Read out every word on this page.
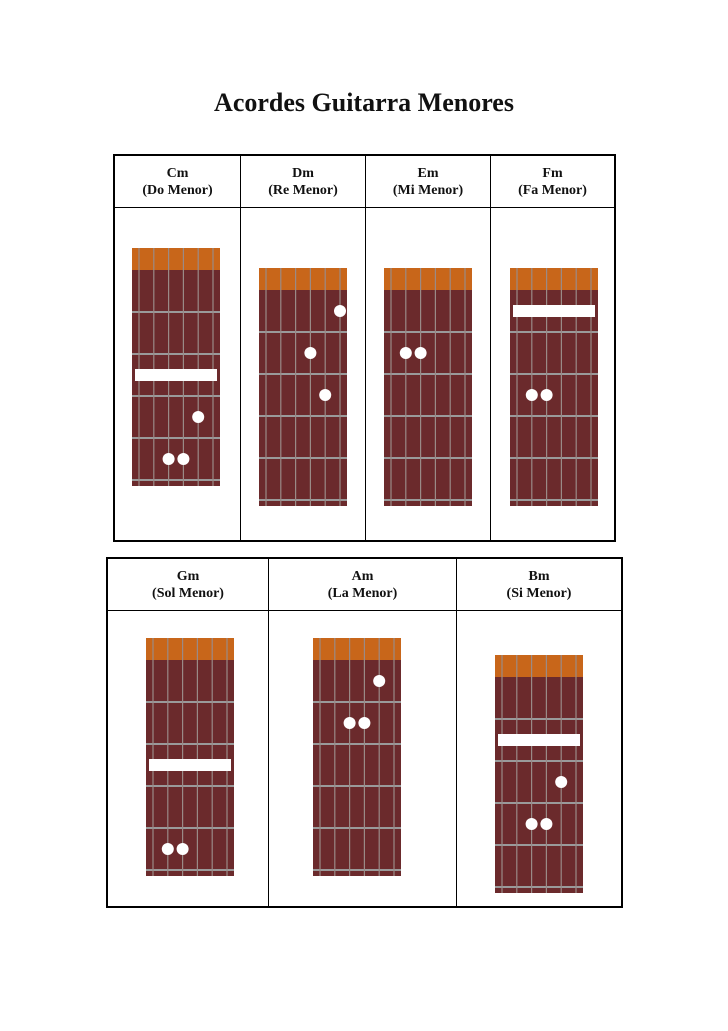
Acordes Guitarra Menores
Cm
(Do Menor)
Dm
(Re Menor)
Em
(Mi Menor)
Fm
(Fa Menor)
Gm
(Sol Menor)
Am
(La Menor)
Bm
(Si Menor)
